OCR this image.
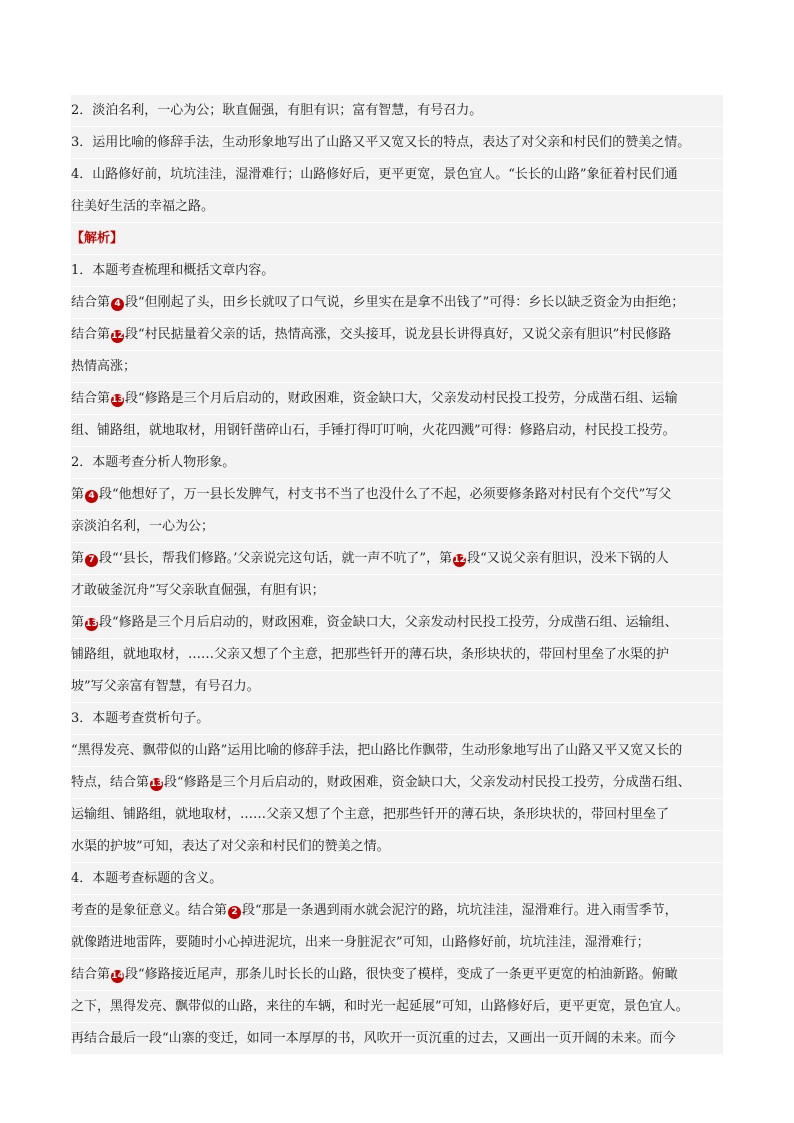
2．淡泊名利，一心为公；耿直倔强，有胆有识；富有智慧，有号召力。
3．运用比喻的修辞手法，生动形象地写出了山路又平又宽又长的特点，表达了对父亲和村民们的赞美之情。
4．山路修好前，坑坑洼洼，湿滑难行；山路修好后，更平更宽，景色宜人。“长长的山路”象征着村民们通
往美好生活的幸福之路。
【解析】
1．本题考查梳理和概括文章内容。
结合第 4 段“但刚起了头，田乡长就叹了口气说，乡里实在是拿不出钱了”可得：乡长以缺乏资金为由拒绝；
结合第12段“村民掂量着父亲的话，热情高涨，交头接耳，说龙县长讲得真好，又说父亲有胆识”村民修路
热情高涨；
结合第13段“修路是三个月后启动的，财政困难，资金缺口大，父亲发动村民投工投劳，分成凿石组、运输
组、铺路组，就地取材，用钢钎凿碎山石，手锤打得叮叮响，火花四溅”可得：修路启动，村民投工投劳。
2．本题考查分析人物形象。
第 4 段“他想好了，万一县长发脾气，村支书不当了也没什么了不起，必须要修条路对村民有个交代”写父
亲淡泊名利，一心为公；
第 7 段“‘县长，帮我们修路。’父亲说完这句话，就一声不吭了”，第12段“又说父亲有胆识，没米下锅的人
才敢破釜沉舟”写父亲耿直倔强，有胆有识；
第13段“修路是三个月后启动的，财政困难，资金缺口大，父亲发动村民投工投劳，分成凿石组、运输组、
铺路组，就地取材，……父亲又想了个主意，把那些钎开的薄石块，条形块状的，带回村里垒了水渠的护
坡”写父亲富有智慧，有号召力。
3．本题考查赏析句子。
“黑得发亮、飘带似的山路”运用比喻的修辞手法，把山路比作飘带，生动形象地写出了山路又平又宽又长的
特点，结合第13段“修路是三个月后启动的，财政困难，资金缺口大，父亲发动村民投工投劳，分成凿石组、
运输组、铺路组，就地取材，……父亲又想了个主意，把那些钎开的薄石块，条形块状的，带回村里垒了
水渠的护坡”可知，表达了对父亲和村民们的赞美之情。
4．本题考查标题的含义。
考查的是象征意义。结合第 2 段“那是一条遇到雨水就会泥泞的路，坑坑洼洼，湿滑难行。进入雨雪季节，
就像踏进地雷阵，要随时小心掉进泥坑，出来一身脏泥衣”可知，山路修好前，坑坑洼洼，湿滑难行；
结合第14段“修路接近尾声，那条儿时长长的山路，很快变了模样，变成了一条更平更宽的柏油新路。俯瞰
之下，黑得发亮、飘带似的山路，来往的车辆，和时光一起延展”可知，山路修好后，更平更宽，景色宜人。
再结合最后一段“山寨的变迁，如同一本厚厚的书，风吹开一页沉重的过去，又画出一页开阔的未来。而今
